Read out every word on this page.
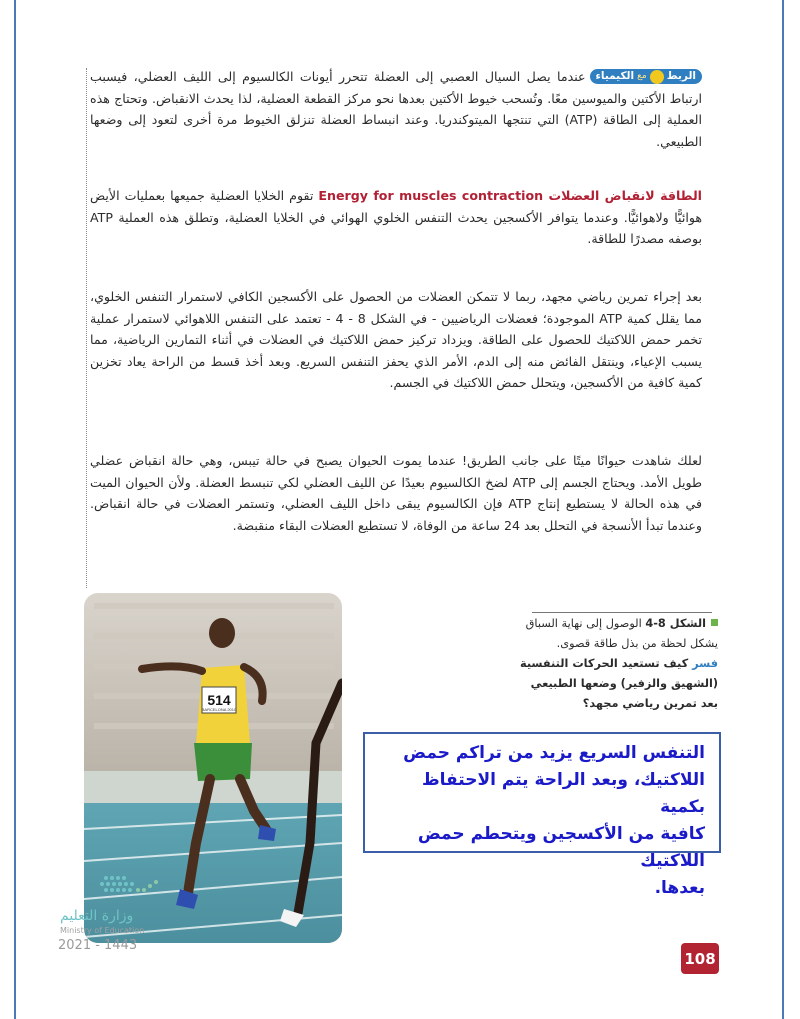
الربط
مع
الكيمياء
عندما يصل السيال العصبي إلى العضلة تتحرر أيونات الكالسيوم إلى الليف العضلي، فيسبب ارتباط الأكتين والميوسين معًا. وتُسحب خيوط الأكتين بعدها نحو مركز القطعة العضلية، لذا يحدث الانقباض. وتحتاج هذه العملية إلى الطاقة (ATP) التي تنتجها الميتوكندريا. وعند انبساط العضلة تنزلق الخيوط مرة أخرى لتعود إلى وضعها الطبيعي.

الطاقة لانقباض العضلات Energy for muscles contraction تقوم الخلايا العضلية جميعها بعمليات الأيض هوائيًّا ولاهوائيًّا. وعندما يتوافر الأكسجين يحدث التنفس الخلوي الهوائي في الخلايا العضلية، وتطلق هذه العملية ATP بوصفه مصدرًا للطاقة.

بعد إجراء تمرين رياضي مجهد، ربما لا تتمكن العضلات من الحصول على الأكسجين الكافي لاستمرار التنفس الخلوي، مما يقلل كمية ATP الموجودة؛ فعضلات الرياضيين - في الشكل 8 - 4 - تعتمد على التنفس اللاهوائي لاستمرار عملية تخمر حمض اللاكتيك للحصول على الطاقة. ويزداد تركيز حمض اللاكتيك في العضلات في أثناء التمارين الرياضية، مما يسبب الإعياء، وينتقل الفائض منه إلى الدم، الأمر الذي يحفز التنفس السريع. وبعد أخذ قسط من الراحة يعاد تخزين كمية كافية من الأكسجين، ويتحلل حمض اللاكتيك في الجسم.

لعلك شاهدت حيوانًا ميتًا على جانب الطريق! عندما يموت الحيوان يصبح في حالة تيبس، وهي حالة انقباض عضلي طويل الأمد. ويحتاج الجسم إلى ATP لضخ الكالسيوم بعيدًا عن الليف العضلي لكي تنبسط العضلة. ولأن الحيوان الميت في هذه الحالة لا يستطيع إنتاج ATP فإن الكالسيوم يبقى داخل الليف العضلي، وتستمر العضلات في حالة انقباض. وعندما تبدأ الأنسجة في التحلل بعد 24 ساعة من الوفاة، لا تستطيع العضلات البقاء منقبضة.

514
BARCELONA 2010
الشكل 8-4 الوصول إلى نهاية السباق يشكل لحظة من بذل طاقة قصوى.
فسر كيف تستعيد الحركات التنفسية (الشهيق والزفير) وضعها الطبيعي بعد تمرين رياضي مجهد؟

التنفس السريع يزيد من تراكم حمض

اللاكتيك، وبعد الراحة يتم الاحتفاظ بكمية

كافية من الأكسجين ويتحطم حمض اللاكتيك

بعدها.

وزارة التعليم
Ministry of Education
2021 - 1443
108
